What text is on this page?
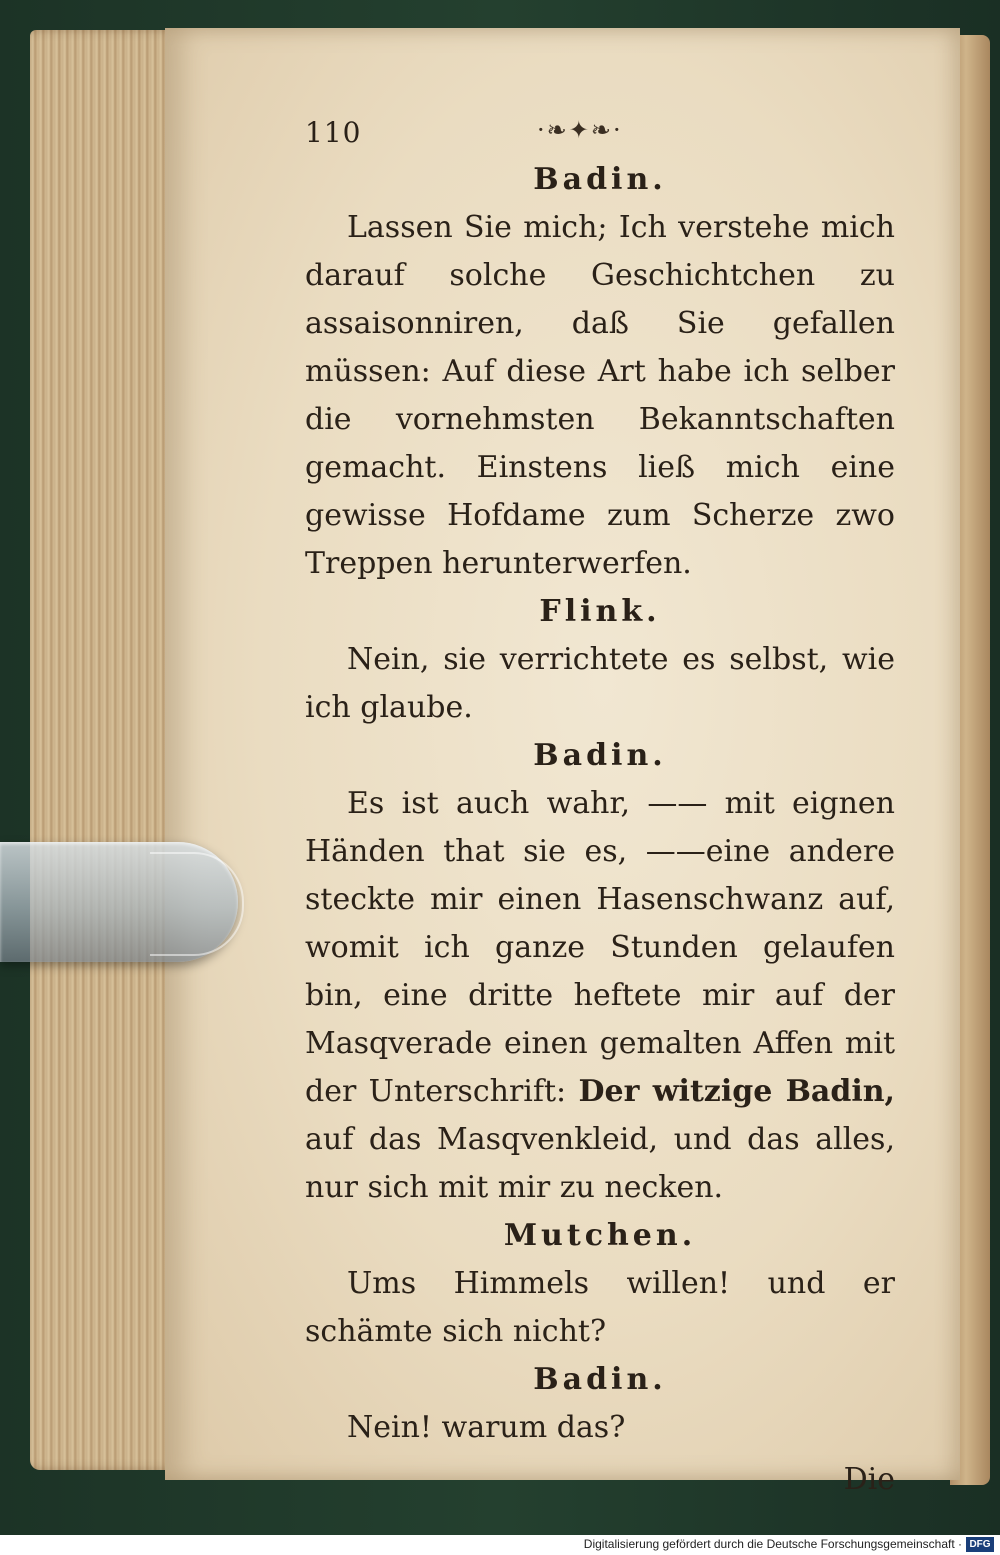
110	·❧✦❧·
Badin.

Lassen Sie mich; Ich verstehe mich darauf solche Geschichtchen zu assaisonniren, daß Sie gefallen müssen: Auf diese Art habe ich selber die vornehmsten Bekanntschaften gemacht. Einstens ließ mich eine gewisse Hofdame zum Scherze zwo Treppen herunterwerfen.

Flink.

Nein, sie verrichtete es selbst, wie ich glaube.

Badin.

Es ist auch wahr, —— mit eignen Händen that sie es, ——eine andere steckte mir einen Hasenschwanz auf, womit ich ganze Stunden gelaufen bin, eine dritte heftete mir auf der Masqverade einen gemalten Affen mit der Unterschrift: Der witzige Badin, auf das Masqvenkleid, und das alles, nur sich mit mir zu necken.

Mutchen.

Ums Himmels willen! und er schämte sich nicht?

Badin.

Nein! warum das?

Die
Digitalisierung gefördert durch die Deutsche Forschungsgemeinschaft · DFG
